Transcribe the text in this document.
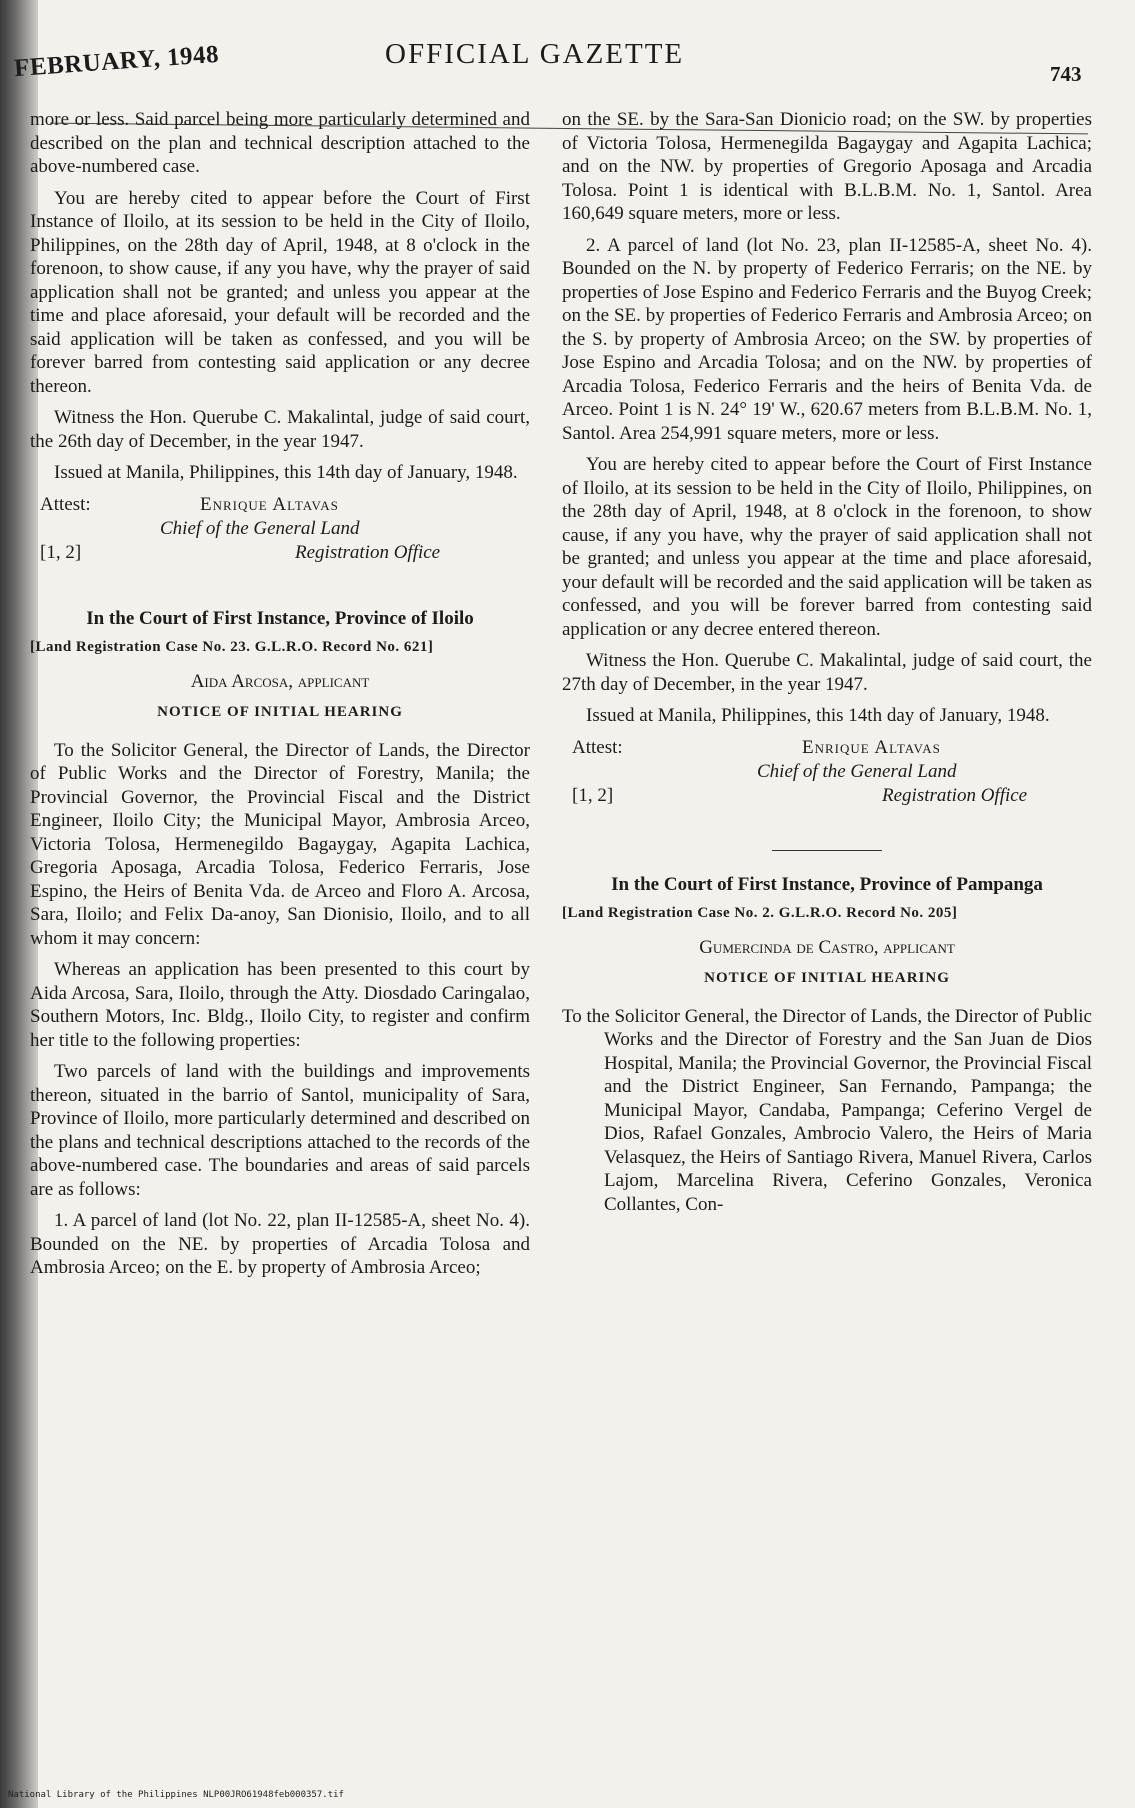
FEBRUARY, 1948	OFFICIAL GAZETTE
743

more or less. Said parcel being more particularly determined and described on the plan and technical description attached to the above-numbered case.

You are hereby cited to appear before the Court of First Instance of Iloilo, at its session to be held in the City of Iloilo, Philippines, on the 28th day of April, 1948, at 8 o'clock in the forenoon, to show cause, if any you have, why the prayer of said application shall not be granted; and unless you appear at the time and place aforesaid, your default will be recorded and the said application will be taken as confessed, and you will be forever barred from contesting said application or any decree thereon.

Witness the Hon. Querube C. Makalintal, judge of said court, the 26th day of December, in the year 1947.

Issued at Manila, Philippines, this 14th day of January, 1948.

Attest:	Enrique Altavas
Chief of the General Land
[1, 2]	Registration Office
In the Court of First Instance, Province of Iloilo
[Land Registration Case No. 23. G.L.R.O. Record No. 621]
Aida Arcosa, applicant
NOTICE OF INITIAL HEARING

To the Solicitor General, the Director of Lands, the Director of Public Works and the Director of Forestry, Manila; the Provincial Governor, the Provincial Fiscal and the District Engineer, Iloilo City; the Municipal Mayor, Ambrosia Arceo, Victoria Tolosa, Hermenegildo Bagaygay, Agapita Lachica, Gregoria Aposaga, Arcadia Tolosa, Federico Ferraris, Jose Espino, the Heirs of Benita Vda. de Arceo and Floro A. Arcosa, Sara, Iloilo; and Felix Da-anoy, San Dionisio, Iloilo, and to all whom it may concern:

Whereas an application has been presented to this court by Aida Arcosa, Sara, Iloilo, through the Atty. Diosdado Caringalao, Southern Motors, Inc. Bldg., Iloilo City, to register and confirm her title to the following properties:

Two parcels of land with the buildings and improvements thereon, situated in the barrio of Santol, municipality of Sara, Province of Iloilo, more particularly determined and described on the plans and technical descriptions attached to the records of the above-numbered case. The boundaries and areas of said parcels are as follows:

1. A parcel of land (lot No. 22, plan II-12585-A, sheet No. 4). Bounded on the NE. by properties of Arcadia Tolosa and Ambrosia Arceo; on the E. by property of Ambrosia Arceo;

on the SE. by the Sara-San Dionicio road; on the SW. by properties of Victoria Tolosa, Hermenegilda Bagaygay and Agapita Lachica; and on the NW. by properties of Gregorio Aposaga and Arcadia Tolosa. Point 1 is identical with B.L.B.M. No. 1, Santol. Area 160,649 square meters, more or less.

2. A parcel of land (lot No. 23, plan II-12585-A, sheet No. 4). Bounded on the N. by property of Federico Ferraris; on the NE. by properties of Jose Espino and Federico Ferraris and the Buyog Creek; on the SE. by properties of Federico Ferraris and Ambrosia Arceo; on the S. by property of Ambrosia Arceo; on the SW. by properties of Jose Espino and Arcadia Tolosa; and on the NW. by properties of Arcadia Tolosa, Federico Ferraris and the heirs of Benita Vda. de Arceo. Point 1 is N. 24° 19' W., 620.67 meters from B.L.B.M. No. 1, Santol. Area 254,991 square meters, more or less.

You are hereby cited to appear before the Court of First Instance of Iloilo, at its session to be held in the City of Iloilo, Philippines, on the 28th day of April, 1948, at 8 o'clock in the forenoon, to show cause, if any you have, why the prayer of said application shall not be granted; and unless you appear at the time and place aforesaid, your default will be recorded and the said application will be taken as confessed, and you will be forever barred from contesting said application or any decree entered thereon.

Witness the Hon. Querube C. Makalintal, judge of said court, the 27th day of December, in the year 1947.

Issued at Manila, Philippines, this 14th day of January, 1948.

Attest:	Enrique Altavas
Chief of the General Land
[1, 2]	Registration Office
In the Court of First Instance, Province of Pampanga
[Land Registration Case No. 2. G.L.R.O. Record No. 205]
Gumercinda de Castro, applicant
NOTICE OF INITIAL HEARING

To the Solicitor General, the Director of Lands, the Director of Public Works and the Director of Forestry and the San Juan de Dios Hospital, Manila; the Provincial Governor, the Provincial Fiscal and the District Engineer, San Fernando, Pampanga; the Municipal Mayor, Candaba, Pampanga; Ceferino Vergel de Dios, Rafael Gonzales, Ambrocio Valero, the Heirs of Maria Velasquez, the Heirs of Santiago Rivera, Manuel Rivera, Carlos Lajom, Marcelina Rivera, Ceferino Gonzales, Veronica Collantes, Con-

National Library of the Philippines NLP00JRO61948feb000357.tif
